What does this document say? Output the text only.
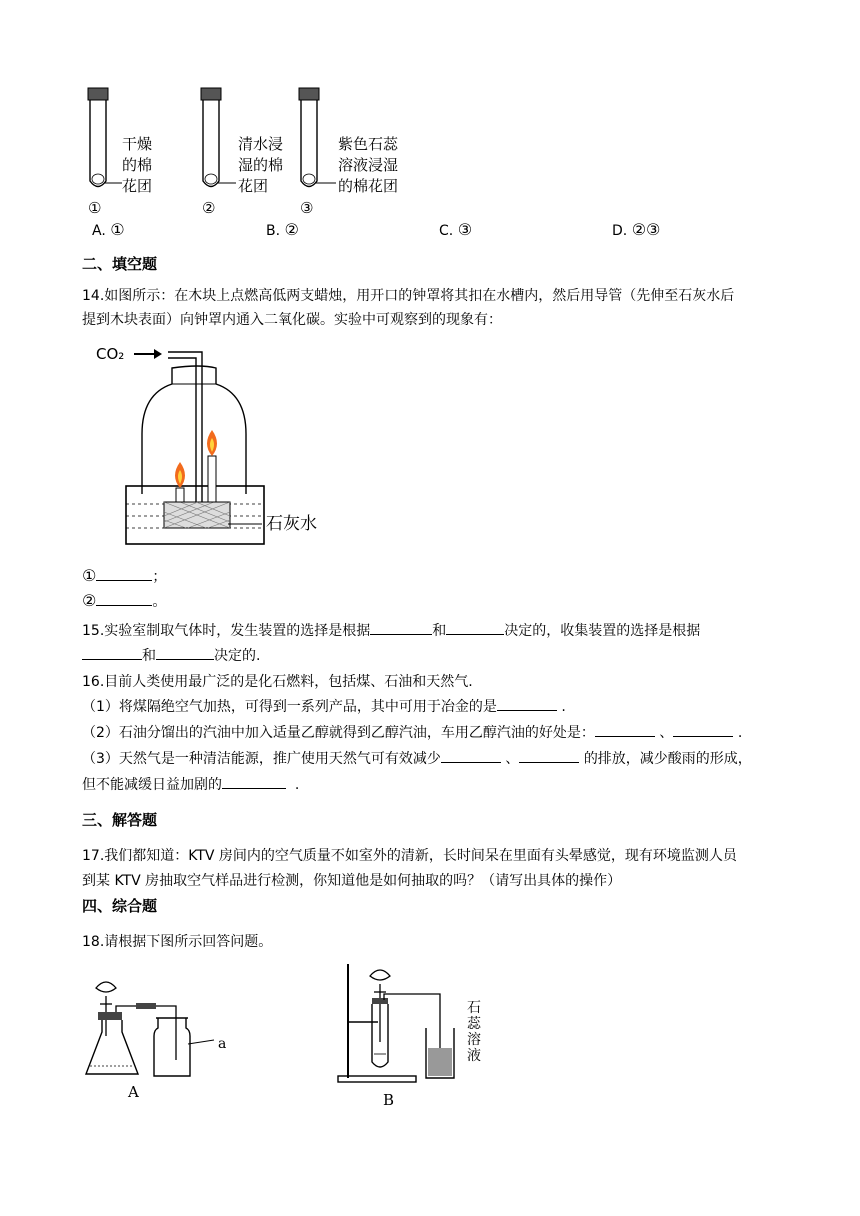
干燥
的棉
花团
清水浸
湿的棉
花团
紫色石蕊
溶液浸湿
的棉花团
①	②	③
A. ①	B. ②	C. ③	D. ②③
二、填空题
14.如图所示：在木块上点燃高低两支蜡烛，用开口的钟罩将其扣在水槽内，然后用导管（先伸至石灰水后
提到木块表面）向钟罩内通入二氧化碳。实验中可观察到的现象有：
CO₂
石灰水
①	；
②	。
15.实验室制取气体时，发生装置的选择是根据	和	决定的，收集装置的选择是根据
和	决定的.
16.目前人类使用最广泛的是化石燃料，包括煤、石油和天然气.
（1）将煤隔绝空气加热，可得到一系列产品，其中可用于冶金的是	.
（2）石油分馏出的汽油中加入适量乙醇就得到乙醇汽油，车用乙醇汽油的好处是：	、	.
（3）天然气是一种清洁能源，推广使用天然气可有效减少	、	的排放，减少酸雨的形成，
但不能减缓日益加剧的	.
三、解答题
17.我们都知道：KTV 房间内的空气质量不如室外的清新，长时间呆在里面有头晕感觉，现有环境监测人员
到某 KTV 房抽取空气样品进行检测，你知道他是如何抽取的吗？（请写出具体的操作）
四、综合题
18.请根据下图所示回答问题。
a
A
石
蕊
溶
液
B
